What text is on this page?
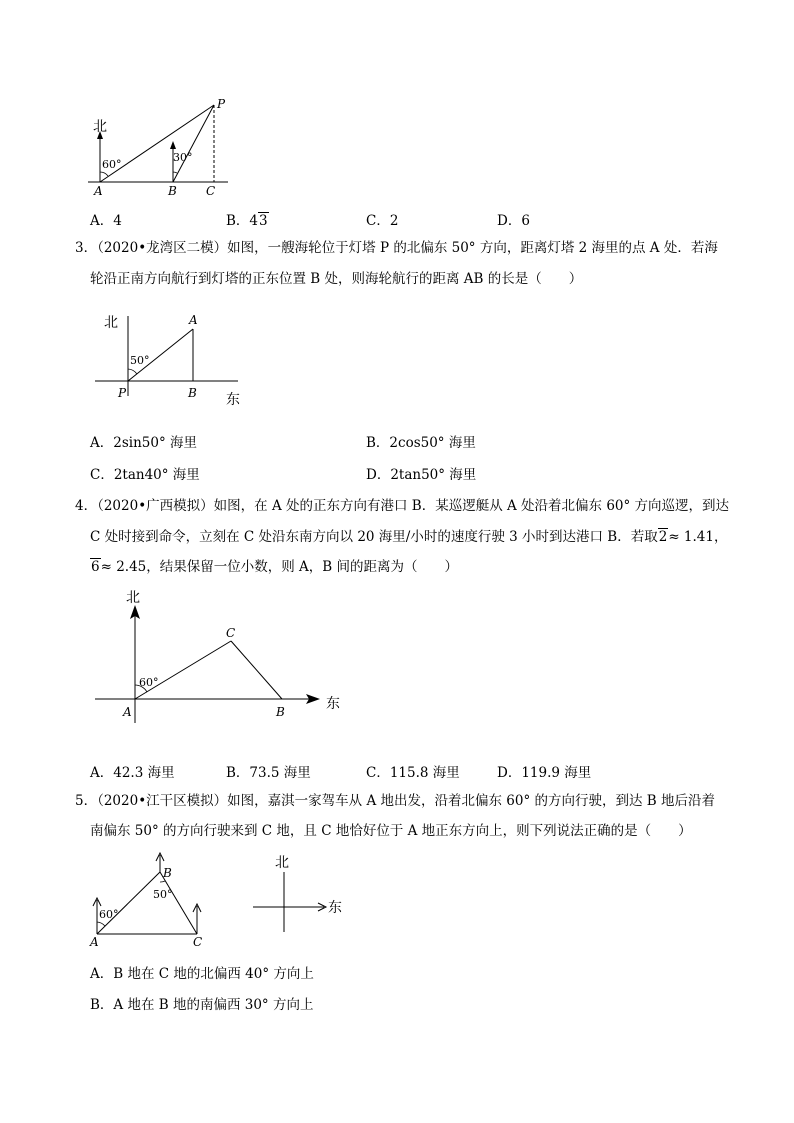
北
60°
30°
A	B C
P
A．4	B．43	C．2	D．6
3．（2020•龙湾区二模）如图，一艘海轮位于灯塔 P 的北偏东 50° 方向，距离灯塔 2 海里的点 A 处．若海
轮沿正南方向航行到灯塔的正东位置 B 处，则海轮航行的距离 AB 的长是（　　）
北
50°
A
P	B 东
A．2sin50° 海里	B．2cos50° 海里
C．2tan40° 海里	D．2tan50° 海里
4．（2020•广西模拟）如图，在 A 处的正东方向有港口 B．某巡逻艇从 A 处沿着北偏东 60° 方向巡逻，到达
C 处时接到命令，立刻在 C 处沿东南方向以 20 海里/小时的速度行驶 3 小时到达港口 B．若取2≈ 1.41，
6≈ 2.45，结果保留一位小数，则 A，B 间的距离为（　　）
北
60°
C
A	B	东
A．42.3 海里	B．73.5 海里	C．115.8 海里	D．119.9 海里
5．（2020•江干区模拟）如图，嘉淇一家驾车从 A 地出发，沿着北偏东 60° 的方向行驶，到达 B 地后沿着
南偏东 50° 的方向行驶来到 C 地，且 C 地恰好位于 A 地正东方向上，则下列说法正确的是（　　）
60°
50°
B
A	C
北
东
A．B 地在 C 地的北偏西 40° 方向上
B．A 地在 B 地的南偏西 30° 方向上
